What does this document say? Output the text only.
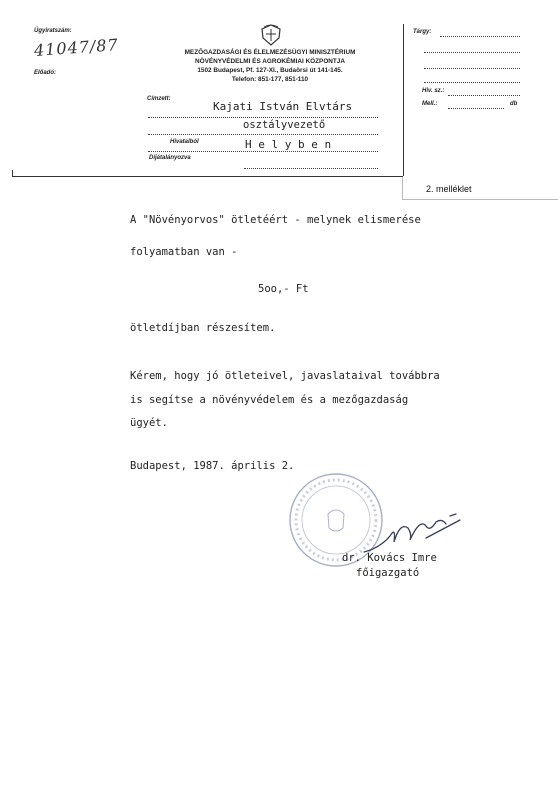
Ügyiratszám:
41047/87
Előadó:
MEZŐGAZDASÁGI ÉS ÉLELMEZÉSÜGYI MINISZTÉRIUM
NÖVÉNYVÉDELMI ÉS AGROKÉMIAI KÖZPONTJA
1502 Budapest, Pf. 127-XI., Budaörsi út 141-145.
Telefon: 851-177, 851-110
Tárgy:
Hiv. sz.:
Mell.:	db
Címzett:
Kajati István Elvtárs
osztályvezető
Hivatalból	H e l y b e n
Díjátalányozva
2. melléklet
A "Növényorvos" ötletéért - melynek elismerése
folyamatban van -
5oo,- Ft
ötletdíjban részesítem.
Kérem, hogy jó ötleteivel, javaslataival továbbra
is segítse a növényvédelem és a mezőgazdaság
ügyét.
Budapest, 1987. április 2.
dr. Kovács Imre
főigazgató
